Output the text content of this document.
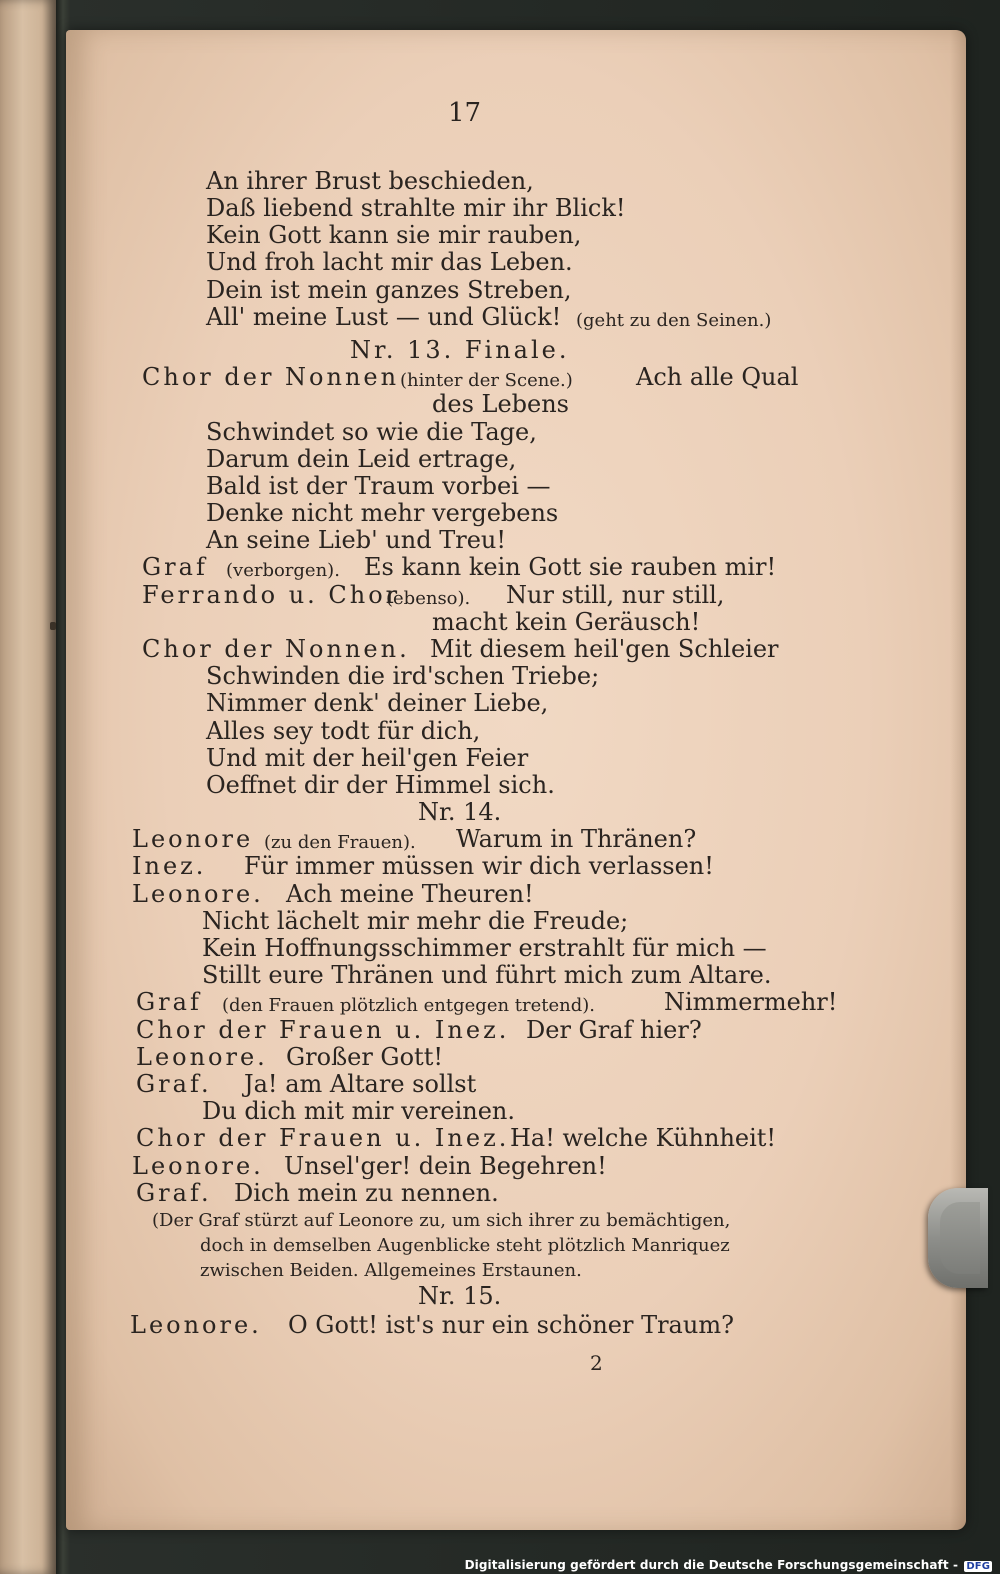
17
An ihrer Brust beschieden,
Daß liebend strahlte mir ihr Blick!
Kein Gott kann sie mir rauben,
Und froh lacht mir das Leben.
Dein ist mein ganzes Streben,
All' meine Lust — und Glück! (geht zu den Seinen.)
Nr. 13. Finale.
Chor der Nonnen (hinter der Scene.)	Ach alle Qual
des Lebens
Schwindet so wie die Tage,
Darum dein Leid ertrage,
Bald ist der Traum vorbei —
Denke nicht mehr vergebens
An seine Lieb' und Treu!
Graf (verborgen). Es kann kein Gott sie rauben mir!
Ferrando u. Chor
(ebenso). Nur still, nur still,
macht kein Geräusch!
Chor der Nonnen. Mit diesem heil'gen Schleier
Schwinden die ird'schen Triebe;
Nimmer denk' deiner Liebe,
Alles sey todt für dich,
Und mit der heil'gen Feier
Oeffnet dir der Himmel sich.
Nr. 14.
Leonore (zu den Frauen). Warum in Thränen?
Inez. Für immer müssen wir dich verlassen!
Leonore. Ach meine Theuren!
Nicht lächelt mir mehr die Freude;
Kein Hoffnungsschimmer erstrahlt für mich —
Stillt eure Thränen und führt mich zum Altare.
Graf (den Frauen plötzlich entgegen tretend).	Nimmermehr!
Chor der Frauen u. Inez. Der Graf hier?
Leonore. Großer Gott!
Graf. Ja! am Altare sollst
Du dich mit mir vereinen.
Chor der Frauen u. Inez. Ha! welche Kühnheit!
Leonore. Unsel'ger! dein Begehren!
Graf. Dich mein zu nennen.
(Der Graf stürzt auf Leonore zu, um sich ihrer zu bemächtigen,
doch in demselben Augenblicke steht plötzlich Manriquez
zwischen Beiden. Allgemeines Erstaunen.
Nr. 15.
Leonore. O Gott! ist's nur ein schöner Traum?
2
Digitalisierung gefördert durch die Deutsche Forschungsgemeinschaft - DFG
